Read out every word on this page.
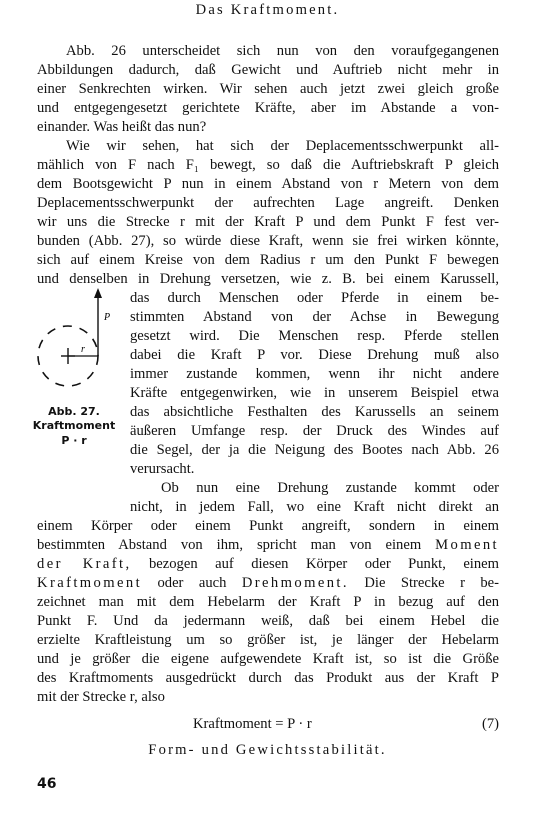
Das Kraftmoment.
Abb. 26 unterscheidet sich nun von den voraufgegangenen
Abbildungen dadurch, daß Gewicht und Auftrieb nicht mehr in
einer Senkrechten wirken. Wir sehen auch jetzt zwei gleich große
und entgegengesetzt gerichtete Kräfte, aber im Abstande a von-
einander. Was heißt das nun?
Wie wir sehen, hat sich der Deplacementsschwerpunkt all-
mählich von F nach F₁ bewegt, so daß die Auftriebskraft P gleich
dem Bootsgewicht P nun in einem Abstand von r Metern von dem
Deplacementsschwerpunkt der aufrechten Lage angreift. Denken
wir uns die Strecke r mit der Kraft P und dem Punkt F fest ver-
bunden (Abb. 27), so würde diese Kraft, wenn sie frei wirken könnte,
sich auf einem Kreise von dem Radius r um den Punkt F bewegen
und denselben in Drehung versetzen, wie z. B. bei einem Karussell,
das durch Menschen oder Pferde in einem be-
stimmten Abstand von der Achse in Bewegung
gesetzt wird. Die Menschen resp. Pferde stellen
dabei die Kraft P vor. Diese Drehung muß also
immer zustande kommen, wenn ihr nicht andere
Kräfte entgegenwirken, wie in unserem Beispiel etwa
das absichtliche Festhalten des Karussells an seinem
äußeren Umfange resp. der Druck des Windes auf
die Segel, der ja die Neigung des Bootes nach Abb. 26
verursacht.
P
r
Abb. 27.
Kraftmoment
P · r
Ob nun eine Drehung zustande kommt oder
nicht, in jedem Fall, wo eine Kraft nicht direkt an
einem Körper oder einem Punkt angreift, sondern in einem
bestimmten Abstand von ihm, spricht man von einem Moment
der Kraft, bezogen auf diesen Körper oder Punkt, einem
Kraftmoment oder auch Drehmoment. Die Strecke r be-
zeichnet man mit dem Hebelarm der Kraft P in bezug auf den
Punkt F. Und da jedermann weiß, daß bei einem Hebel die
erzielte Kraftleistung um so größer ist, je länger der Hebelarm
und je größer die eigene aufgewendete Kraft ist, so ist die Größe
des Kraftmoments ausgedrückt durch das Produkt aus der Kraft P
mit der Strecke r, also
Kraftmoment = P · r	(7)
Form- und Gewichtsstabilität.
46
